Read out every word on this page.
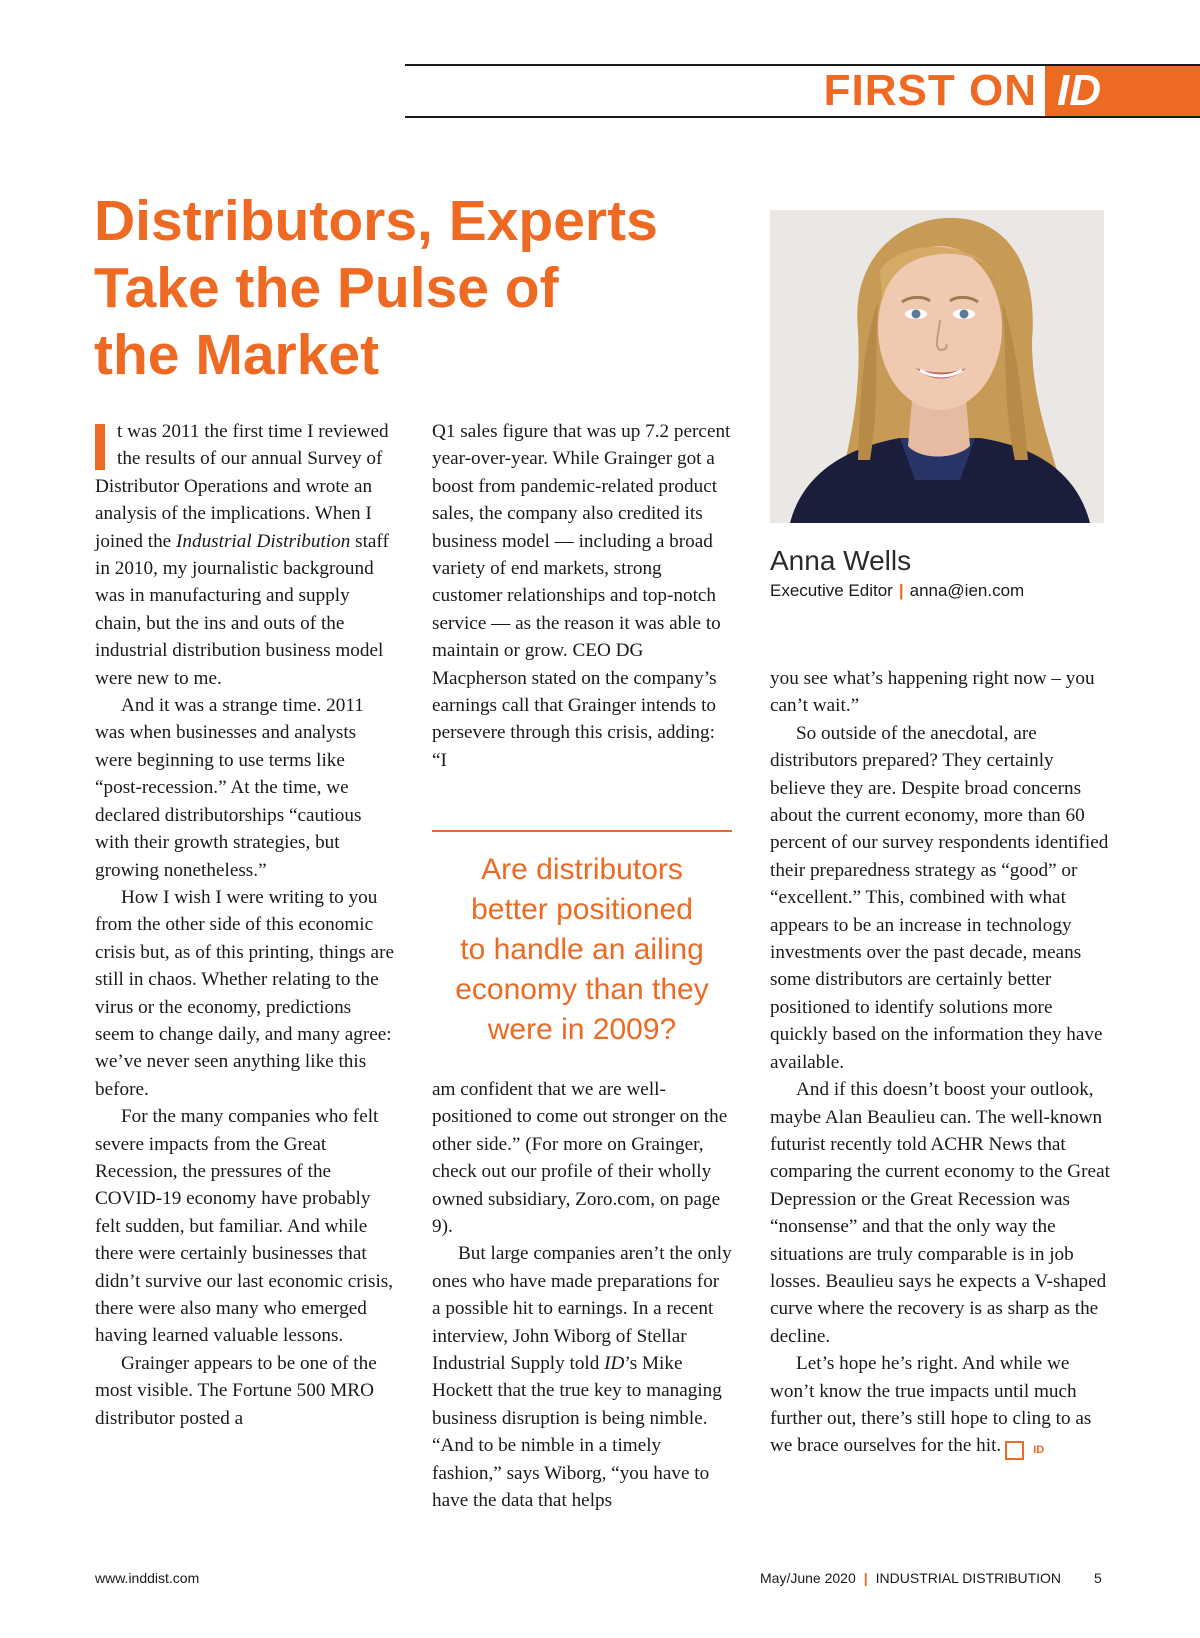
FIRST ON ID
Distributors, Experts
Take the Pulse of
the Market
Anna Wells
Executive Editor | anna@ien.com

t was 2011 the first time I reviewed the results of our annual Survey of Distributor Operations and wrote an analysis of the implications. When I joined the Industrial Distribution staff in 2010, my journalistic background was in manufacturing and supply chain, but the ins and outs of the industrial distribution business model were new to me.

And it was a strange time. 2011 was when businesses and analysts were beginning to use terms like “post-recession.” At the time, we declared distributorships “cautious with their growth strategies, but growing nonetheless.”

How I wish I were writing to you from the other side of this economic crisis but, as of this printing, things are still in chaos. Whether relating to the virus or the economy, predictions seem to change daily, and many agree: we’ve never seen anything like this before.

For the many companies who felt severe impacts from the Great Recession, the pressures of the COVID-19 economy have probably felt sudden, but familiar. And while there were certainly businesses that didn’t survive our last economic crisis, there were also many who emerged having learned valuable lessons.

Grainger appears to be one of the most visible. The Fortune 500 MRO distributor posted a

Q1 sales figure that was up 7.2 percent year-over-year. While Grainger got a boost from pandemic-related product sales, the company also credited its business model — including a broad variety of end markets, strong customer relationships and top-notch service — as the reason it was able to maintain or grow. CEO DG Macpherson stated on the company’s earnings call that Grainger intends to persevere through this crisis, adding: “I

Are distributors
better positioned
to handle an ailing
economy than they
were in 2009?

am confident that we are well-positioned to come out stronger on the other side.” (For more on Grainger, check out our profile of their wholly owned subsidiary, Zoro.com, on page 9).

But large companies aren’t the only ones who have made preparations for a possible hit to earnings. In a recent interview, John Wiborg of Stellar Industrial Supply told ID’s Mike Hockett that the true key to managing business disruption is being nimble. “And to be nimble in a timely fashion,” says Wiborg, “you have to have the data that helps

you see what’s happening right now – you can’t wait.”

So outside of the anecdotal, are distributors prepared? They certainly believe they are. Despite broad concerns about the current economy, more than 60 percent of our survey respondents identified their preparedness strategy as “good” or “excellent.” This, combined with what appears to be an increase in technology investments over the past decade, means some distributors are certainly better positioned to identify solutions more quickly based on the information they have available.

And if this doesn’t boost your outlook, maybe Alan Beaulieu can. The well-known futurist recently told ACHR News that comparing the current economy to the Great Depression or the Great Recession was “nonsense” and that the only way the situations are truly comparable is in job losses. Beaulieu says he expects a V-shaped curve where the recovery is as sharp as the decline.

Let’s hope he’s right. And while we won’t know the true impacts until much further out, there’s still hope to cling to as we brace ourselves for the hit.	ID

www.inddist.com	May/June 2020 | INDUSTRIAL DISTRIBUTION 5
